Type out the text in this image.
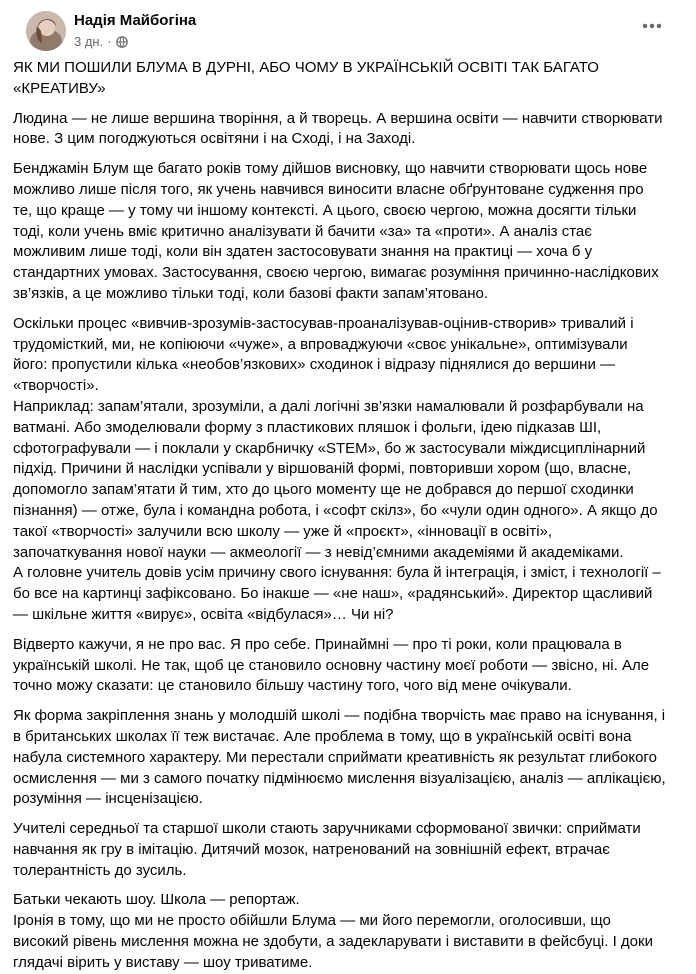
Надія Майбогіна
3 дн. ·

ЯК МИ ПОШИЛИ БЛУМА В ДУРНІ, АБО ЧОМУ В УКРАЇНСЬКІЙ ОСВІТІ ТАК БАГАТО
«КРЕАТИВУ»

Людина — не лише вершина творіння, а й творець. А вершина освіти — навчити створювати
нове. З цим погоджуються освітяни і на Сході, і на Заході.

Бенджамін Блум ще багато років тому дійшов висновку, що навчити створювати щось нове
можливо лише після того, як учень навчився виносити власне обґрунтоване судження про
те, що краще — у тому чи іншому контексті. А цього, своєю чергою, можна досягти тільки
тоді, коли учень вміє критично аналізувати й бачити «за» та «проти». А аналіз стає
можливим лише тоді, коли він здатен застосовувати знання на практиці — хоча б у
стандартних умовах. Застосування, своєю чергою, вимагає розуміння причинно-наслідкових
зв’язків, а це можливо тільки тоді, коли базові факти запам’ятовано.

Оскільки процес «вивчив-зрозумів-застосував-проаналізував-оцінив-створив» тривалий і
трудомісткий, ми, не копіюючи «чуже», а впроваджуючи «своє унікальне», оптимізували
його: пропустили кілька «необов’язкових» сходинок і відразу піднялися до вершини —
«творчості».
Наприклад: запам’ятали, зрозуміли, а далі логічні зв’язки намалювали й розфарбували на
ватмані. Або змоделювали форму з пластикових пляшок і фольги, ідею підказав ШІ,
сфотографували — і поклали у скарбничку «STEM», бо ж застосували міждисциплінарний
підхід. Причини й наслідки успівали у віршованій формі, повторивши хором (що, власне,
допомогло запам’ятати й тим, хто до цього моменту ще не добрався до першої сходинки
пізнання) — отже, була і командна робота, і «софт скілз», бо «чули один одного». А якщо до
такої «творчості» залучили всю школу — уже й «проєкт», «інновації в освіті»,
започаткування нової науки — акмеології — з невід’ємними академіями й академіками.
А головне учитель довів усім причину свого існування: була й інтеграція, і зміст, і технології –
бо все на картинці зафіксовано. Бо інакше — «не наш», «радянський». Директор щасливий
— шкільне життя «вирує», освіта «відбулася»… Чи ні?

Відверто кажучи, я не про вас. Я про себе. Принаймні — про ті роки, коли працювала в
українській школі. Не так, щоб це становило основну частину моєї роботи — звісно, ні. Але
точно можу сказати: це становило більшу частину того, чого від мене очікували.

Як форма закріплення знань у молодшій школі — подібна творчість має право на існування, і
в британських школах її теж вистачає. Але проблема в тому, що в українській освіті вона
набула системного характеру. Ми перестали сприймати креативність як результат глибокого
осмислення — ми з самого початку підмінюємо мислення візуалізацією, аналіз — аплікацією,
розуміння — інсценізацією.

Учителі середньої та старшої школи стають заручниками сформованої звички: сприймати
навчання як гру в імітацію. Дитячий мозок, натренований на зовнішній ефект, втрачає
толерантність до зусиль.

Батьки чекають шоу. Школа — репортаж.
Іронія в тому, що ми не просто обійшли Блума — ми його перемогли, оголосивши, що
високий рівень мислення можна не здобути, а задекларувати і виставити в фейсбуці. І доки
глядачі вірить у виставу — шоу триватиме.
